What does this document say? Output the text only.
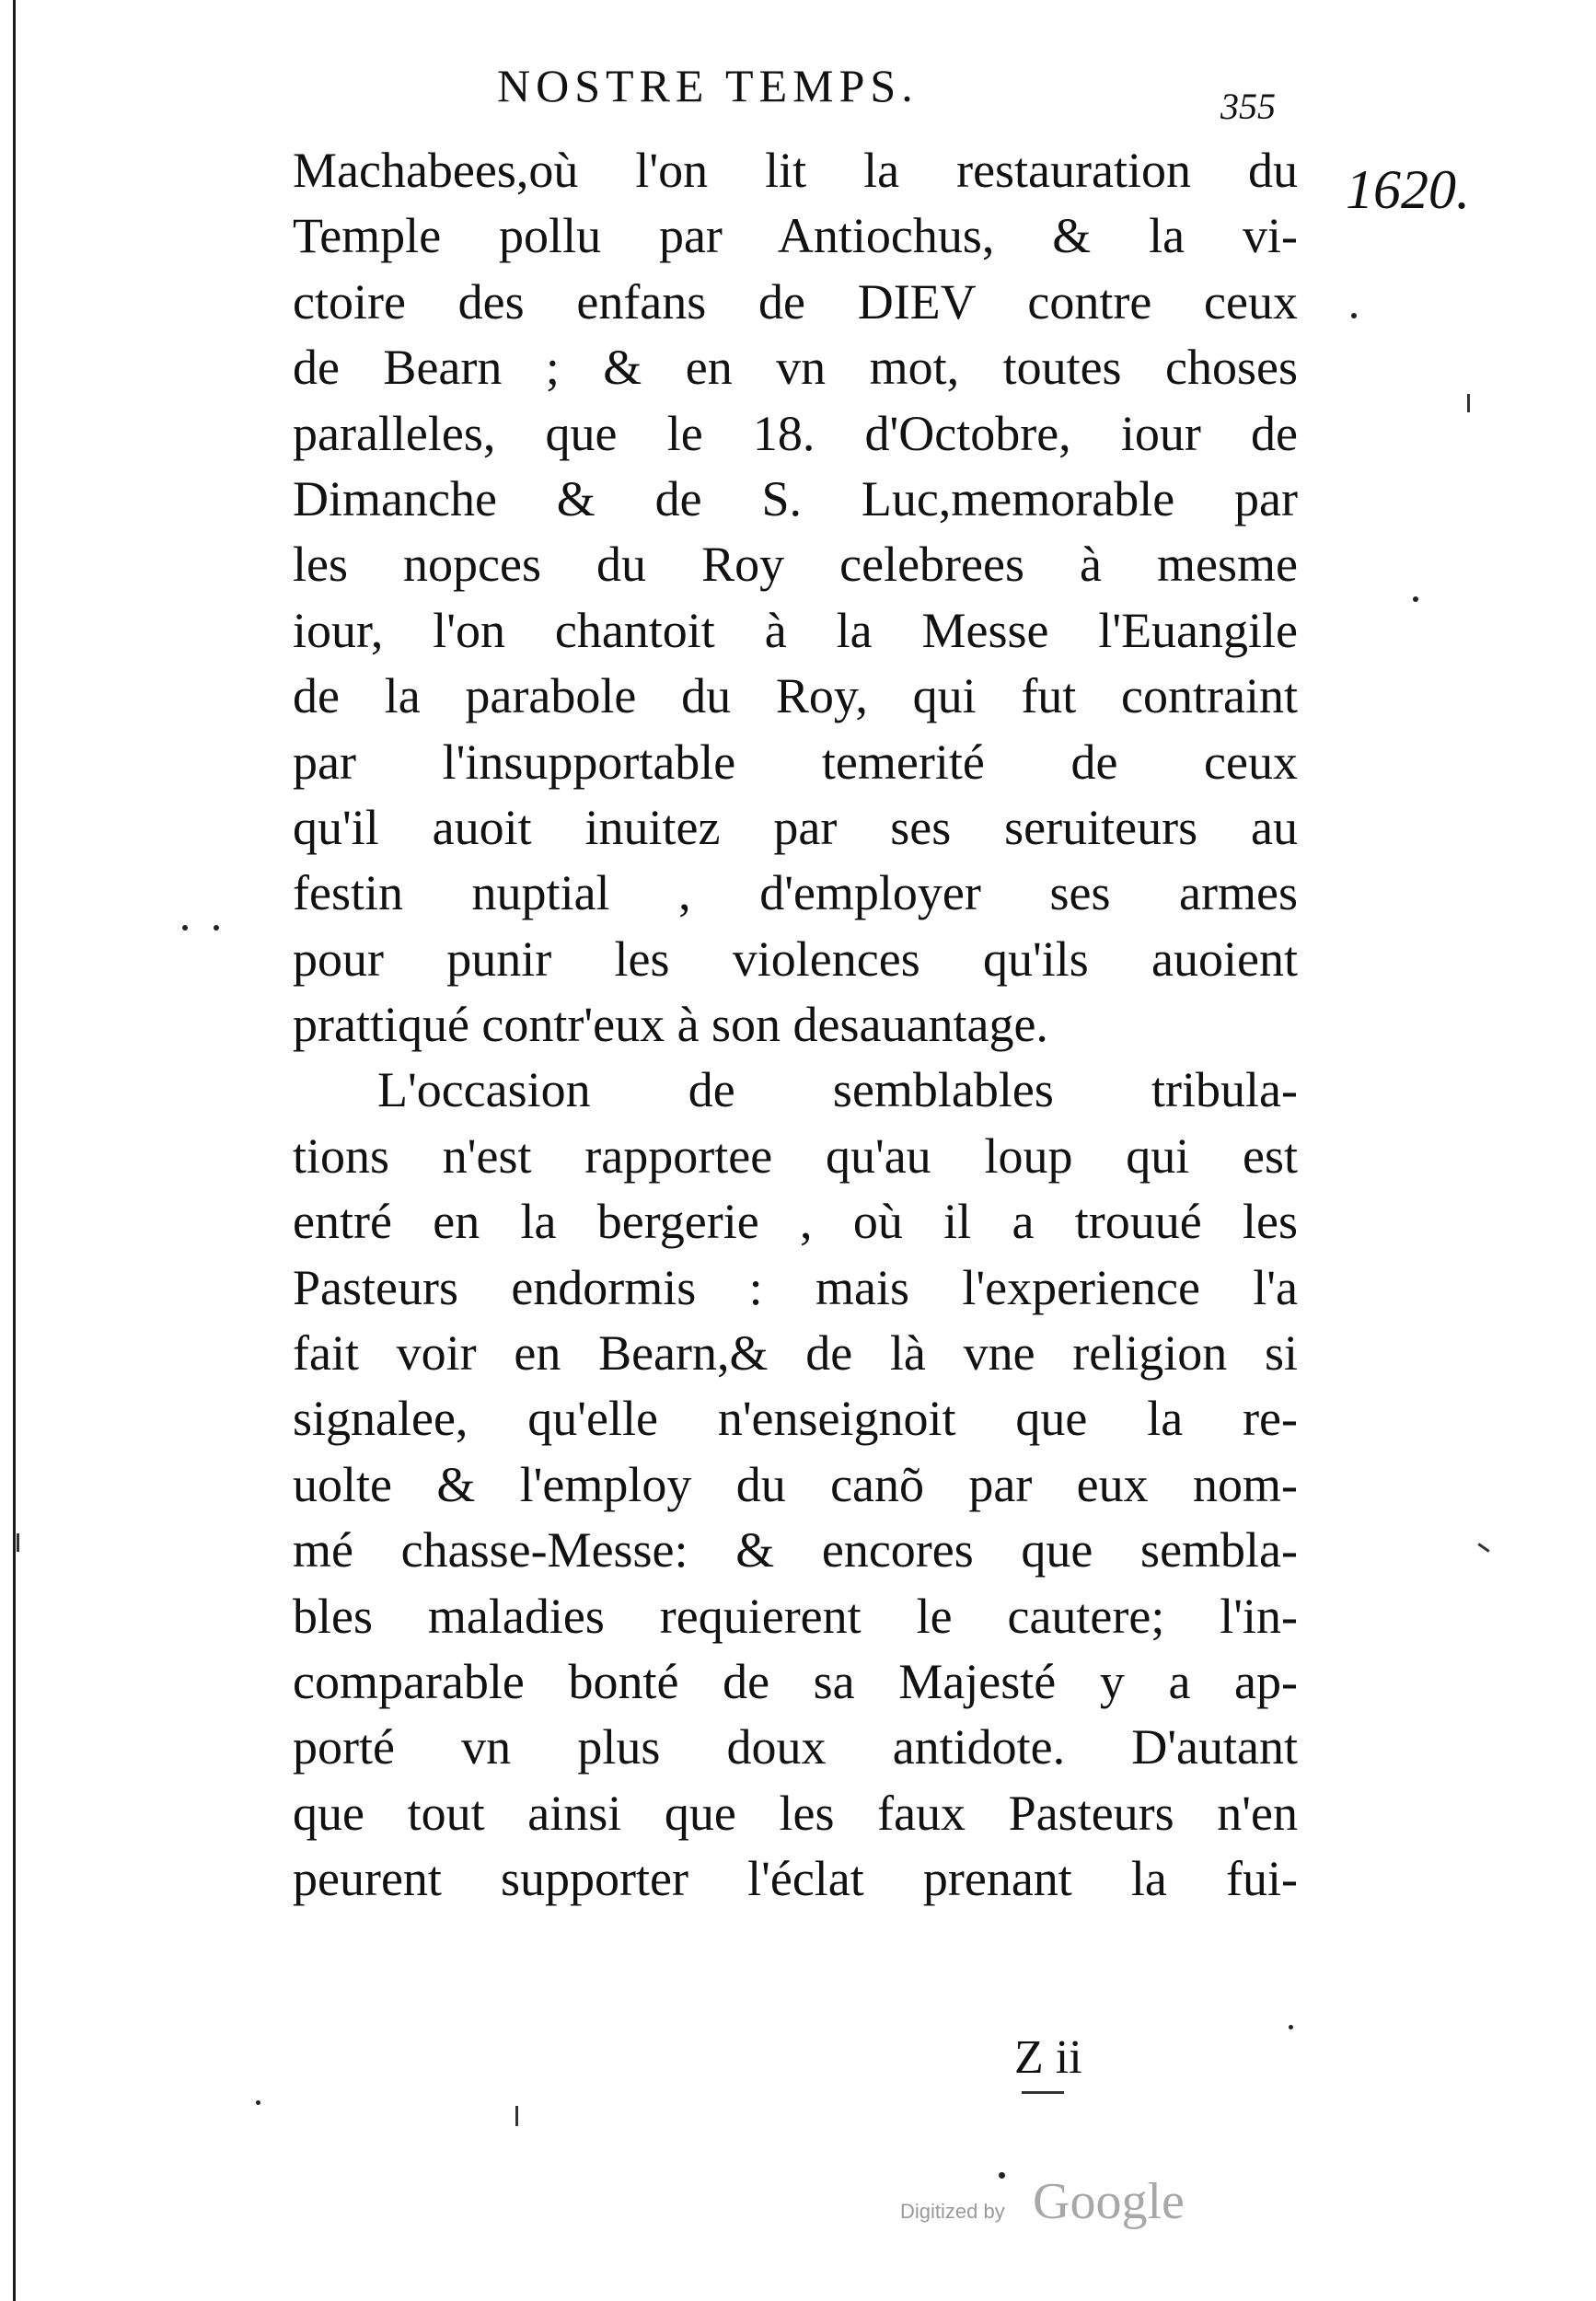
NOSTRE TEMPS.	355
1620.
Machabees,où l'on lit la restauration du
Temple pollu par Antiochus, & la vi-
ctoire des enfans de DIEV contre ceux
de Bearn ; & en vn mot, toutes choses
paralleles, que le 18. d'Octobre, iour de
Dimanche & de S. Luc,memorable par
les nopces du Roy celebrees à mesme
iour, l'on chantoit à la Messe l'Euangile
de la parabole du Roy, qui fut contraint
par l'insupportable temerité de ceux
qu'il auoit inuitez par ses seruiteurs au
festin nuptial , d'employer ses armes
pour punir les violences qu'ils auoient
prattiqué contr'eux à son desauantage.
L'occasion de semblables tribula-
tions n'est rapportee qu'au loup qui est
entré en la bergerie , où il a trouué les
Pasteurs endormis : mais l'experience l'a
fait voir en Bearn,& de là vne religion si
signalee, qu'elle n'enseignoit que la re-
uolte & l'employ du canõ par eux nom-
mé chasse-Messe: & encores que sembla-
bles maladies requierent le cautere; l'in-
comparable bonté de sa Majesté y a ap-
porté vn plus doux antidote. D'autant
que tout ainsi que les faux Pasteurs n'en
peurent supporter l'éclat prenant la fui-
Z ii
Digitized by Google
